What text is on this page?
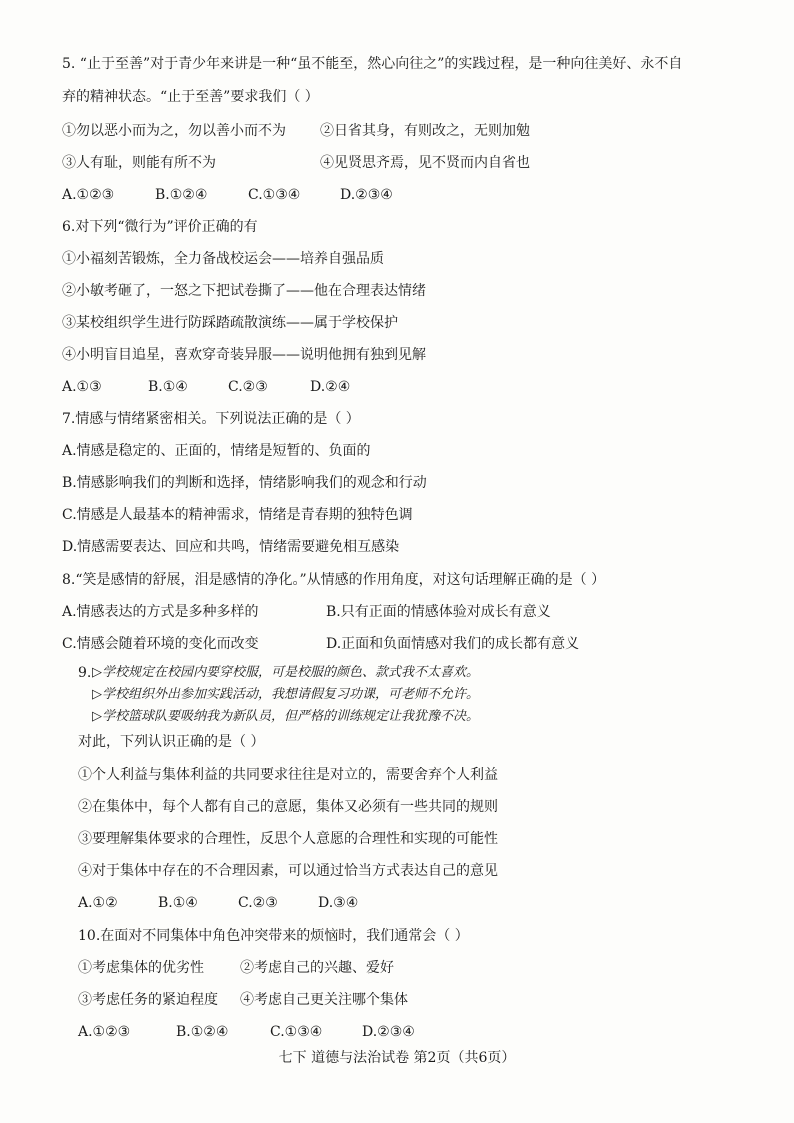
5. “止于至善”对于青少年来讲是一种“虽不能至，然心向往之”的实践过程，是一种向往美好、永不自
弃的精神状态。“止于至善”要求我们（ ）
①勿以恶小而为之，勿以善小而不为 ②日省其身，有则改之，无则加勉
③人有耻，则能有所不为	④见贤思齐焉，见不贤而内自省也
A.①②③	B.①②④	C.①③④	D.②③④
6.对下列“微行为”评价正确的有
①小福刻苦锻炼，全力备战校运会——培养自强品质
②小敏考砸了，一怒之下把试卷撕了——他在合理表达情绪
③某校组织学生进行防踩踏疏散演练——属于学校保护
④小明盲目追星，喜欢穿奇装异服——说明他拥有独到见解
A.①③	B.①④	C.②③	D.②④
7.情感与情绪紧密相关。下列说法正确的是（ ）
A.情感是稳定的、正面的，情绪是短暂的、负面的
B.情感影响我们的判断和选择，情绪影响我们的观念和行动
C.情感是人最基本的精神需求，情绪是青春期的独特色调
D.情感需要表达、回应和共鸣，情绪需要避免相互感染
8.“笑是感情的舒展，泪是感情的净化。”从情感的作用角度，对这句话理解正确的是（ ）
A.情感表达的方式是多种多样的	B.只有正面的情感体验对成长有意义
C.情感会随着环境的变化而改变	D.正面和负面情感对我们的成长都有意义
9. ▷学校规定在校园内要穿校服，可是校服的颜色、款式我不太喜欢。
▷学校组织外出参加实践活动，我想请假复习功课，可老师不允许。
▷学校篮球队要吸纳我为新队员，但严格的训练规定让我犹豫不决。
对此，下列认识正确的是（ ）
①个人利益与集体利益的共同要求往往是对立的，需要舍弃个人利益
②在集体中，每个人都有自己的意愿，集体又必须有一些共同的规则
③要理解集体要求的合理性，反思个人意愿的合理性和实现的可能性
④对于集体中存在的不合理因素，可以通过恰当方式表达自己的意见
A.①②	B.①④	C.②③	D.③④
10.在面对不同集体中角色冲突带来的烦恼时，我们通常会（ ）
①考虑集体的优劣性	②考虑自己的兴趣、爱好
③考虑任务的紧迫程度 ④考虑自己更关注哪个集体
A.①②③	B.①②④	C.①③④	D.②③④
七下 道德与法治试卷 第2页（共6页）
